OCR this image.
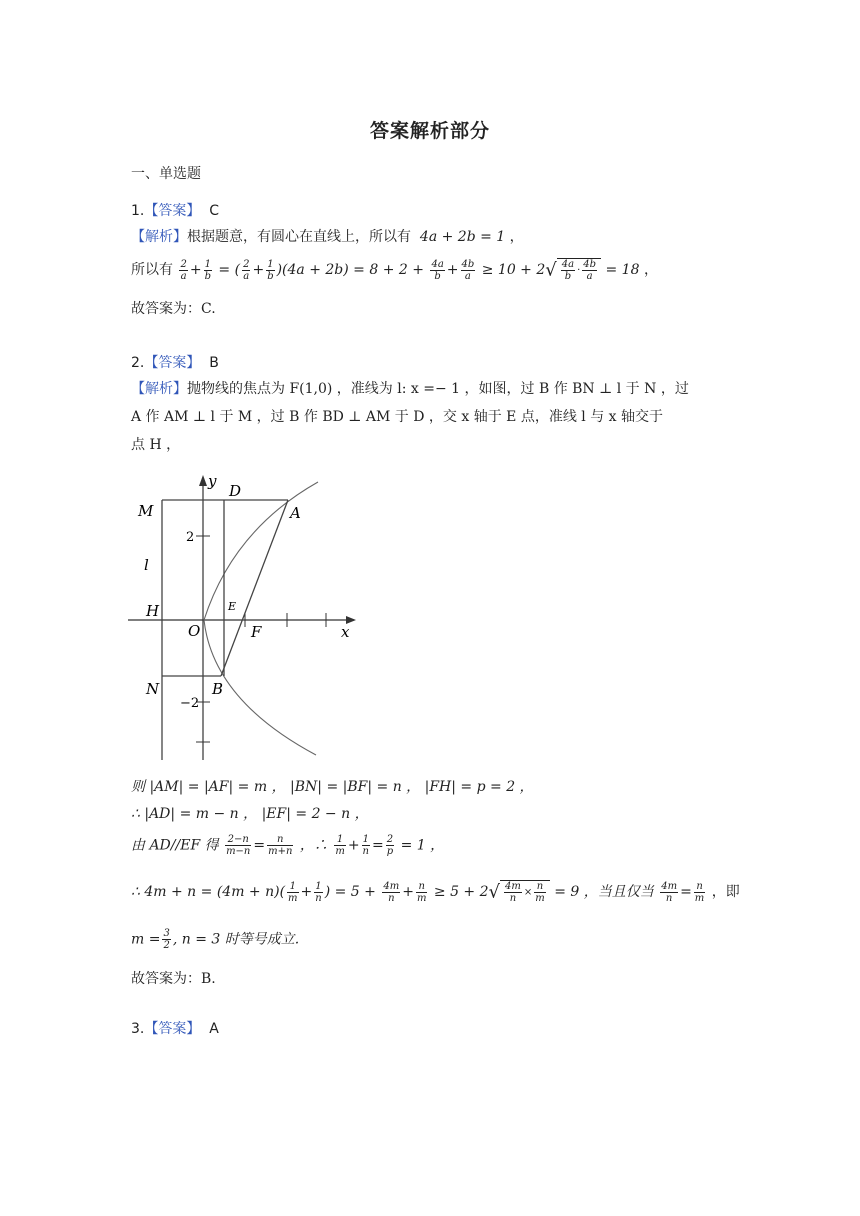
答案解析部分
一、单选题
1.【答案】 C
【解析】根据题意，有圆心在直线上，所以有 4a + 2b = 1 ，
所以有 $\frac{2}{a} + \frac{1}{b}$ = ( $\frac{2}{a} + \frac{1}{b} )(4a + 2b) = 8 + 2 + \frac{4a}{b} + \frac{4b}{a} \ge 10 + 2√ \frac{4a}{b} \cdot \frac{4b}{a} = 18$ ，
故答案为：C.
2.【答案】 B
【解析】抛物线的焦点为 F(1,0) ，准线为 l: x =− 1 ，如图，过 B 作 BN ⊥ l 于 N ，过
A 作 AM ⊥ l 于 M ，过 B 作 BD ⊥ AM 于 D ，交 x 轴于 E 点，准线 l 与 x 轴交于
点 H ，
y
D
M	A
2
l
H	E
O	F	x
N	B
−2
则 |AM| = |AF| = m ， |BN| = |BF| = n ， |FH| = p = 2 ，
∴ |AD| = m − n ， |EF| = 2 − n ，
由 AD//EF 得 $\frac{2-n}{m-n} = \frac{n}{m+n}$ ，∴ $\frac{1}{m} + \frac{1}{n} = \frac{2}{p} = 1$ ，
∴ $4m + n = (4m + n)( \frac{1}{m} + \frac{1}{n}$ ) = $5 + \frac{4m}{n} + \frac{n}{m} \ge 5 + 2√ \frac{4m}{n} \times \frac{n}{m} = 9$ ，当且仅当 $\frac{4m}{n} = \frac{n}{m}$ ，即
$m = \frac{3}{2}$ , n = 3 时等号成立.
故答案为：B.
3.【答案】 A
